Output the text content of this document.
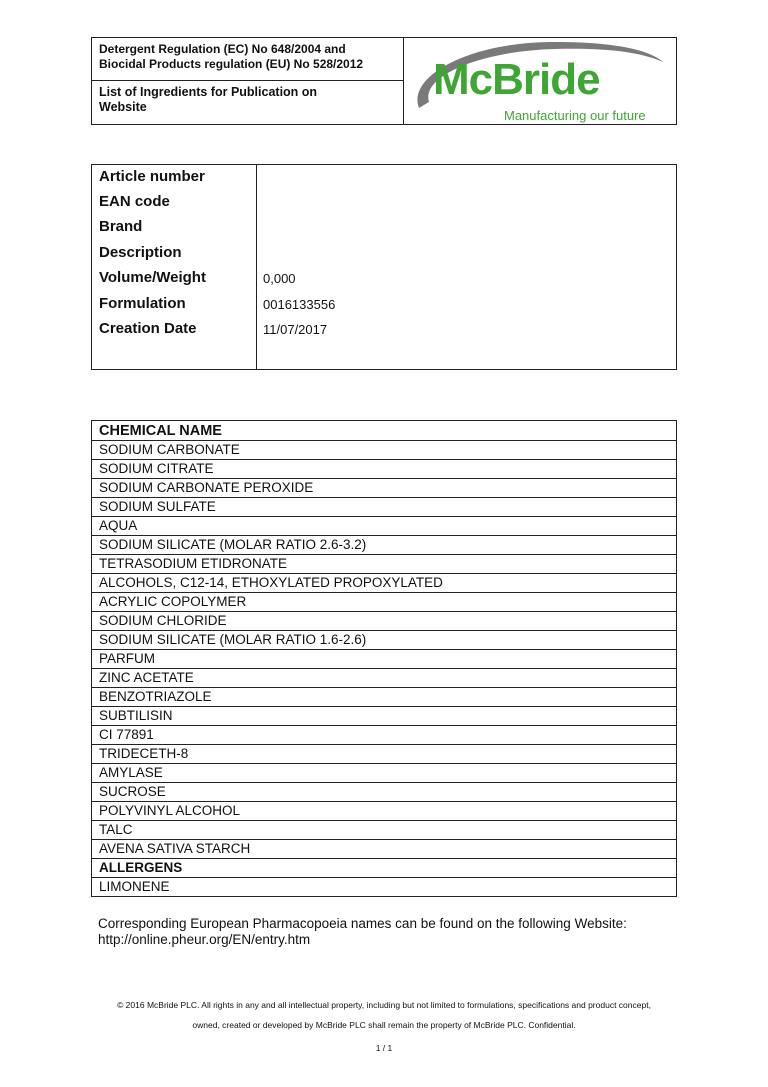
Detergent Regulation (EC) No 648/2004 and
Biocidal Products regulation (EU) No 528/2012
List of Ingredients for Publication on
Website
McBride
Manufacturing our future
Article number
EAN code
Brand
Description
Volume/Weight	0,000
Formulation	0016133556
Creation Date	11/07/2017
CHEMICAL NAME
SODIUM CARBONATE
SODIUM CITRATE
SODIUM CARBONATE PEROXIDE
SODIUM SULFATE
AQUA
SODIUM SILICATE (MOLAR RATIO 2.6-3.2)
TETRASODIUM ETIDRONATE
ALCOHOLS, C12-14, ETHOXYLATED PROPOXYLATED
ACRYLIC COPOLYMER
SODIUM CHLORIDE
SODIUM SILICATE (MOLAR RATIO 1.6-2.6)
PARFUM
ZINC ACETATE
BENZOTRIAZOLE
SUBTILISIN
CI 77891
TRIDECETH-8
AMYLASE
SUCROSE
POLYVINYL ALCOHOL
TALC
AVENA SATIVA STARCH
ALLERGENS
LIMONENE
Corresponding European Pharmacopoeia names can be found on the following Website:
http://online.pheur.org/EN/entry.htm
© 2016 McBride PLC. All rights in any and all intellectual property, including but not limited to formulations, specifications and product concept,
owned, created or developed by McBride PLC shall remain the property of McBride PLC. Confidential.
1 / 1
